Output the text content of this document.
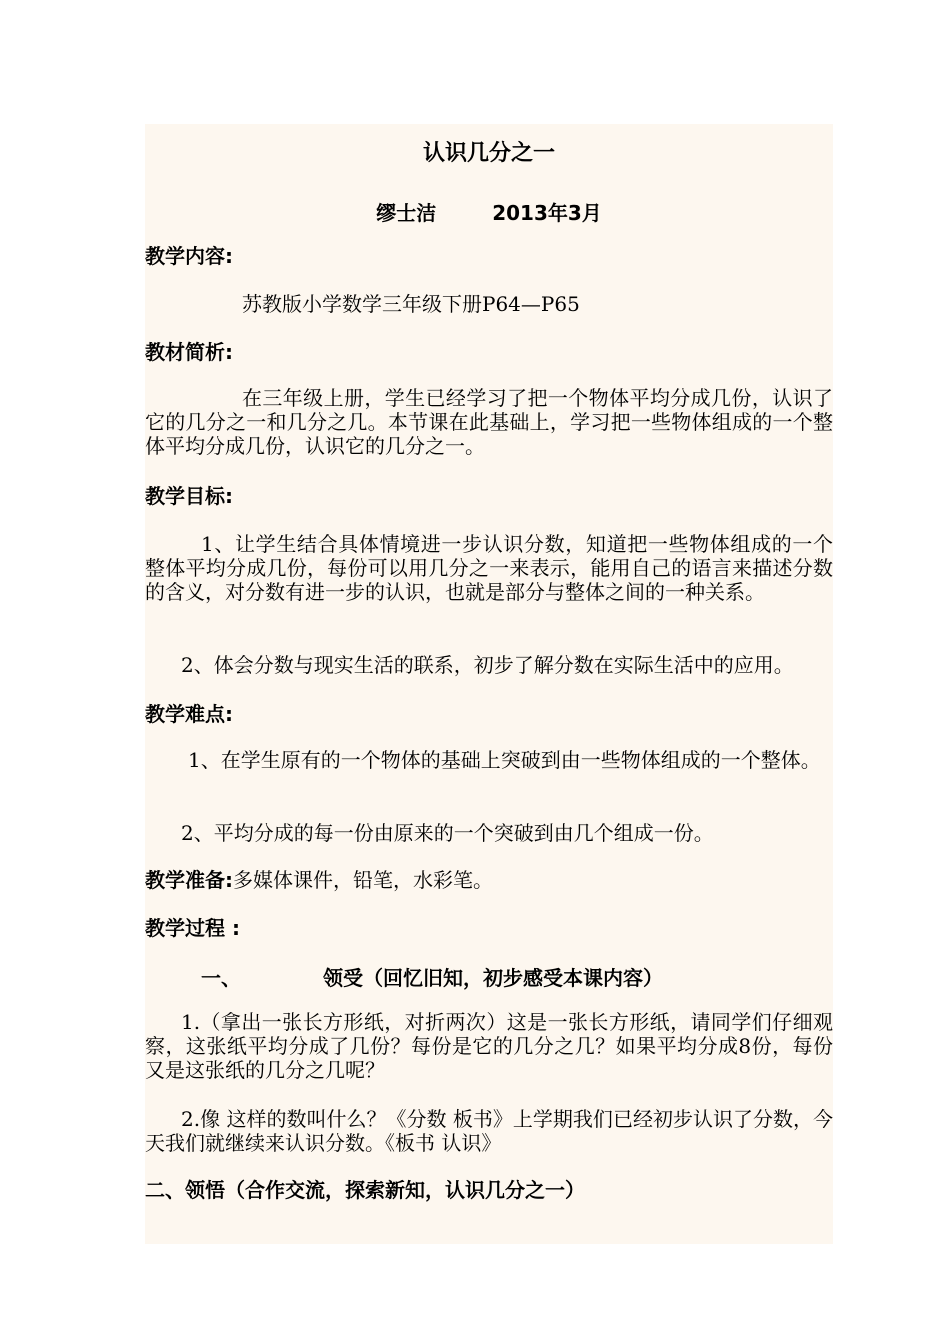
认识几分之一
缪士洁	2013年3月
教学内容:
苏教版小学数学三年级下册P64—P65
教材简析:
在三年级上册，学生已经学习了把一个物体平均分成几份，认识了它的几分之一和几分之几。本节课在此基础上，学习把一些物体组成的一个整体平均分成几份，认识它的几分之一。
教学目标:
1、让学生结合具体情境进一步认识分数，知道把一些物体组成的一个整体平均分成几份，每份可以用几分之一来表示，能用自己的语言来描述分数的含义，对分数有进一步的认识，也就是部分与整体之间的一种关系。
2、体会分数与现实生活的联系，初步了解分数在实际生活中的应用。
教学难点:
1、在学生原有的一个物体的基础上突破到由一些物体组成的一个整体。
2、平均分成的每一份由原来的一个突破到由几个组成一份。
教学准备:多媒体课件，铅笔，水彩笔。
教学过程 :
一、	领受（回忆旧知，初步感受本课内容）
1.（拿出一张长方形纸，对折两次）这是一张长方形纸，请同学们仔细观察，这张纸平均分成了几份？每份是它的几分之几？如果平均分成8份，每份又是这张纸的几分之几呢？
2.像 这样的数叫什么？《分数 板书》上学期我们已经初步认识了分数，今天我们就继续来认识分数。《板书 认识》
二、领悟（合作交流，探索新知，认识几分之一）
